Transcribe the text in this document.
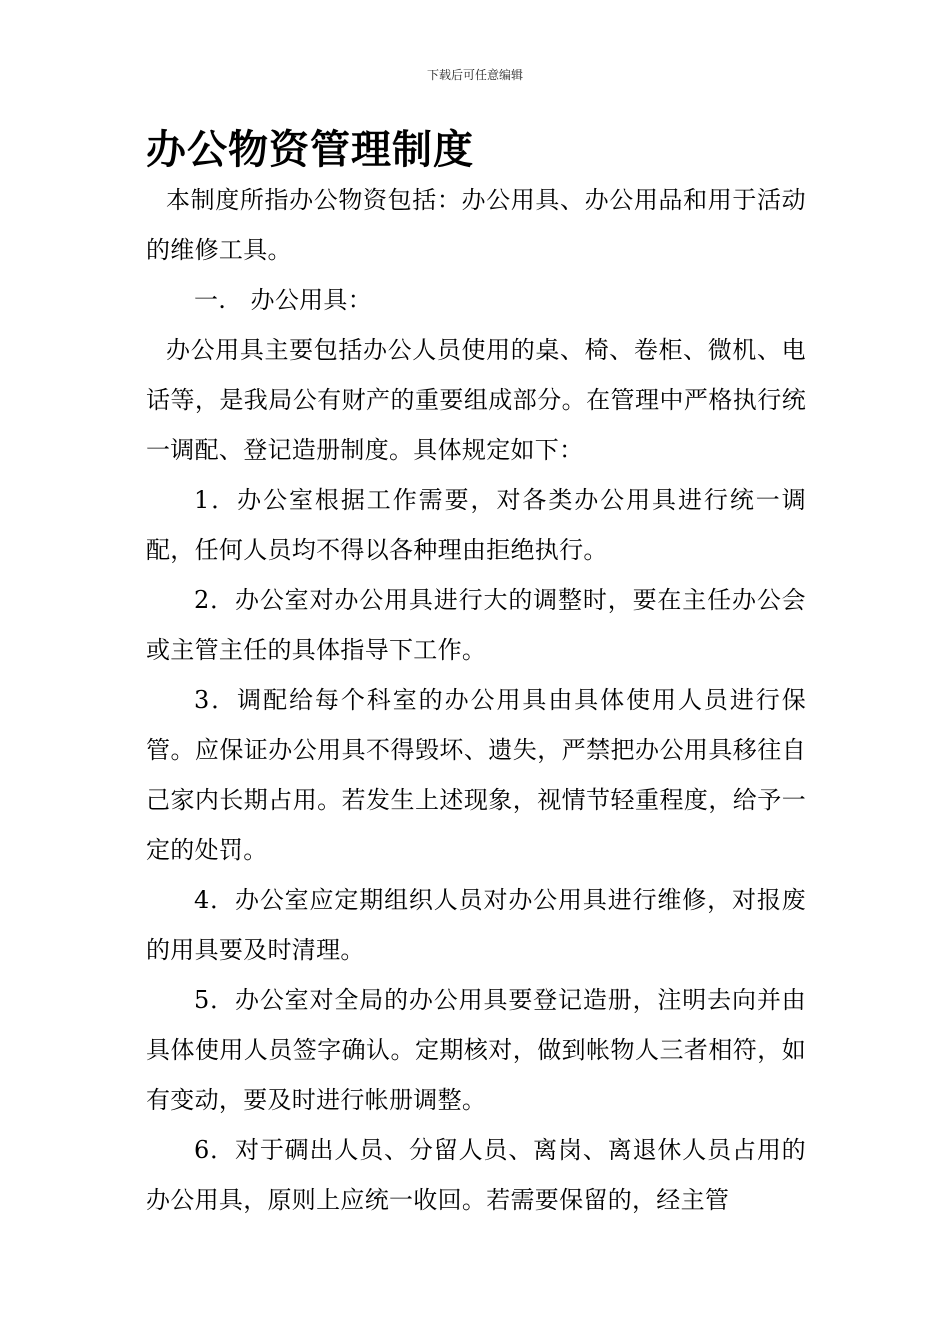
下载后可任意编辑
办公物资管理制度

本制度所指办公物资包括：办公用具、办公用品和用于活动的维修工具。

一.　办公用具：

办公用具主要包括办公人员使用的桌、椅、卷柜、微机、电话等，是我局公有财产的重要组成部分。在管理中严格执行统一调配、登记造册制度。具体规定如下：

1．办公室根据工作需要，对各类办公用具进行统一调配，任何人员均不得以各种理由拒绝执行。

2．办公室对办公用具进行大的调整时，要在主任办公会或主管主任的具体指导下工作。

3．调配给每个科室的办公用具由具体使用人员进行保管。应保证办公用具不得毁坏、遗失，严禁把办公用具移往自己家内长期占用。若发生上述现象，视情节轻重程度，给予一定的处罚。

4．办公室应定期组织人员对办公用具进行维修，对报废的用具要及时清理。

5．办公室对全局的办公用具要登记造册，注明去向并由具体使用人员签字确认。定期核对，做到帐物人三者相符，如有变动，要及时进行帐册调整。

6．对于碉出人员、分留人员、离岗、离退休人员占用的办公用具，原则上应统一收回。若需要保留的，经主管
